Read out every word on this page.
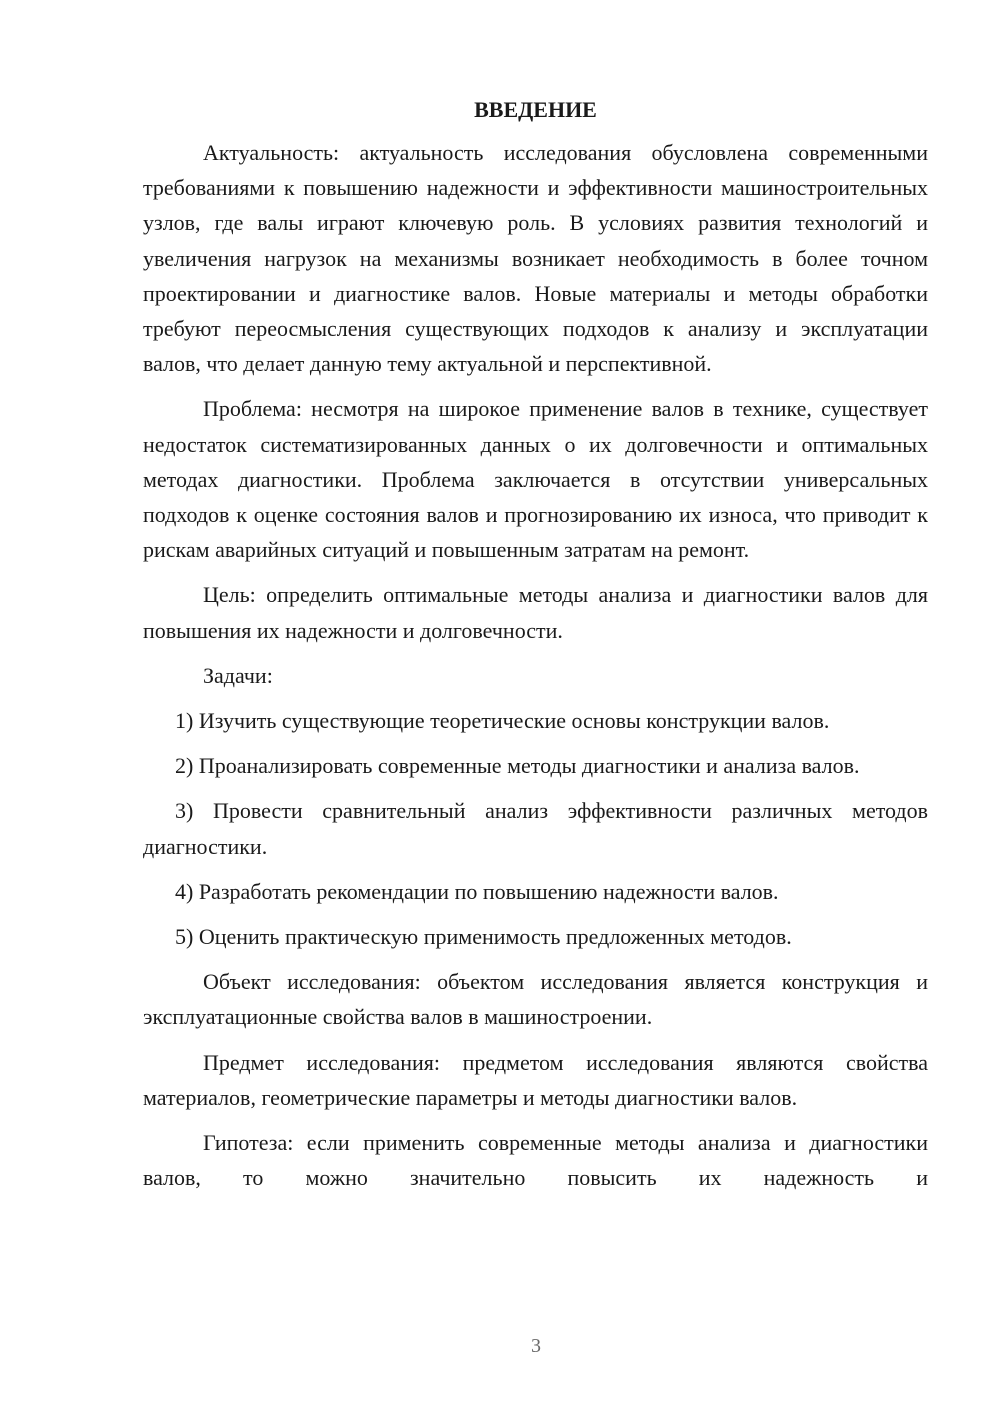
ВВЕДЕНИЕ

Актуальность: актуальность исследования обусловлена современными требованиями к повышению надежности и эффективности машиностроительных узлов, где валы играют ключевую роль. В условиях развития технологий и увеличения нагрузок на механизмы возникает необходимость в более точном проектировании и диагностике валов. Новые материалы и методы обработки требуют переосмысления существующих подходов к анализу и эксплуатации валов, что делает данную тему актуальной и перспективной.

Проблема: несмотря на широкое применение валов в технике, существует недостаток систематизированных данных о их долговечности и оптимальных методах диагностики. Проблема заключается в отсутствии универсальных подходов к оценке состояния валов и прогнозированию их износа, что приводит к рискам аварийных ситуаций и повышенным затратам на ремонт.

Цель: определить оптимальные методы анализа и диагностики валов для повышения их надежности и долговечности.

Задачи:

1) Изучить существующие теоретические основы конструкции валов.

2) Проанализировать современные методы диагностики и анализа валов.

3) Провести сравнительный анализ эффективности различных методов диагностики.

4) Разработать рекомендации по повышению надежности валов.

5) Оценить практическую применимость предложенных методов.

Объект исследования: объектом исследования является конструкция и эксплуатационные свойства валов в машиностроении.

Предмет исследования: предметом исследования являются свойства материалов, геометрические параметры и методы диагностики валов.

Гипотеза: если применить современные методы анализа и диагностики валов, то можно значительно повысить их надежность и

3
